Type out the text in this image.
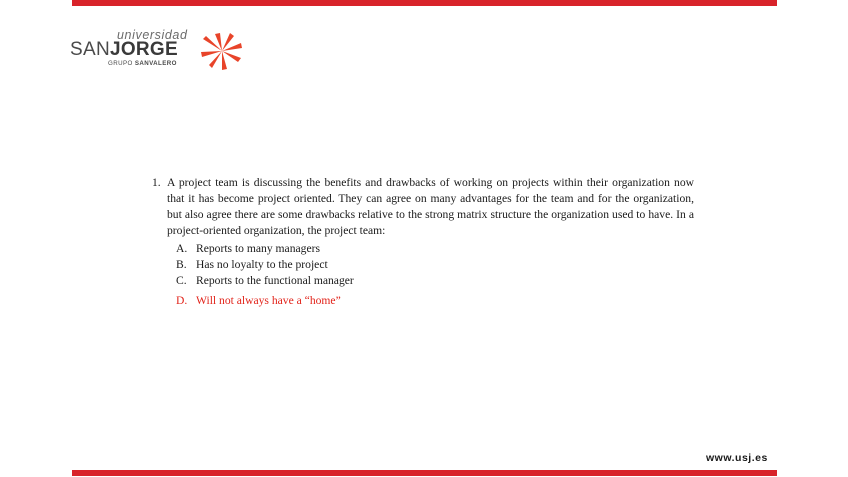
universidad
SANJORGE
GRUPO SANVALERO
1. A project team is discussing the benefits and drawbacks of working on projects within their organization now that it has become project oriented. They can agree on many advantages for the team and for the organization, but also agree there are some drawbacks relative to the strong matrix structure the organization used to have. In a project-oriented organization, the project team:
A. Reports to many managers
B. Has no loyalty to the project
C. Reports to the functional manager
D. Will not always have a “home”
www.usj.es
